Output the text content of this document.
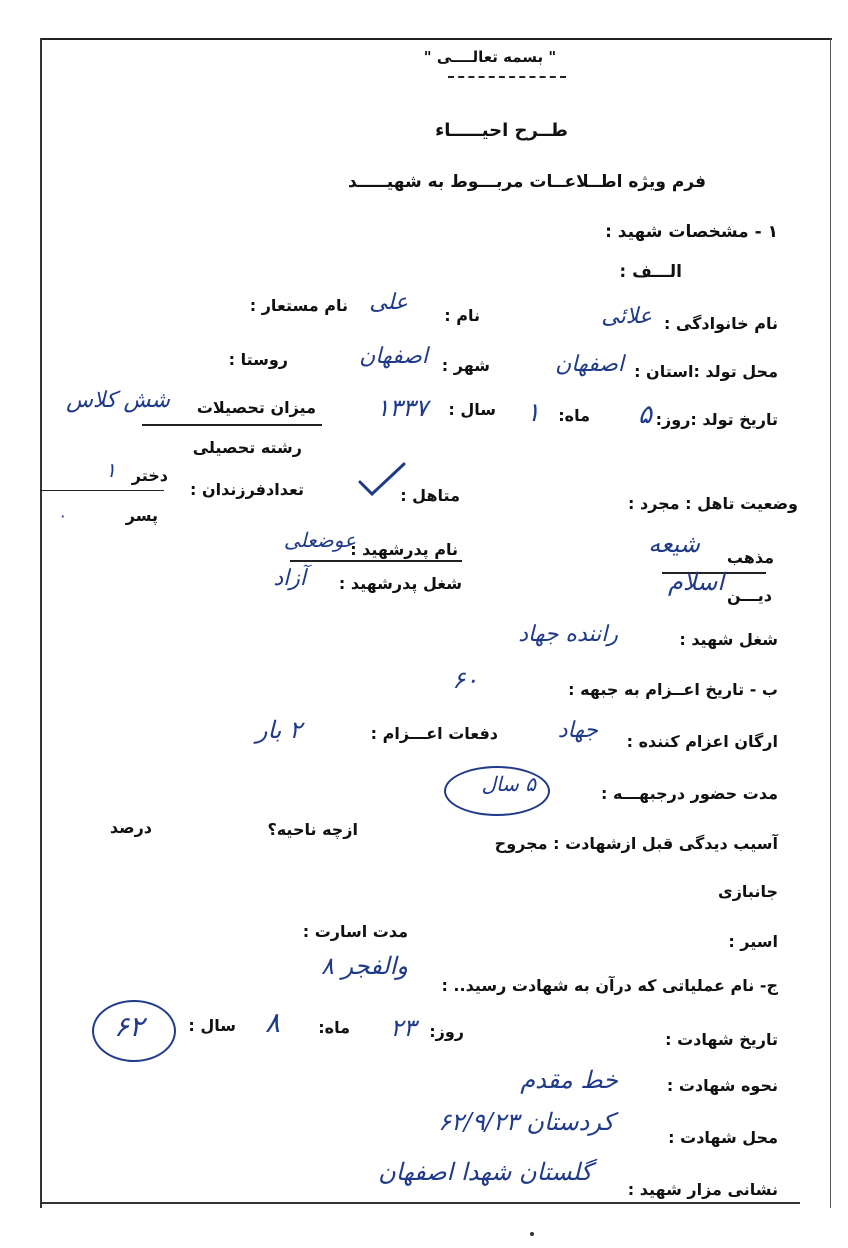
" بسمه تعالــــی "
طــرح احیـــــاء
فرم ویژه اطــلاعــات مربـــوط به شهیـــــد
۱ - مشخصات شهید :
الـــف :
نام خانوادگی :
علائی
نام :
علی
نام مستعار :
محل تولد :استان :
اصفهان
شهر :
اصفهان
روستا :
تاریخ تولد :روز:
۵
ماه:
۱
سال :
۱۳۳۷
میزان تحصیلات
شش کلاس
رشته تحصیلی
وضعیت تاهل : مجرد :
متاهل :
تعدادفرزندان :
دختر
۱
پسر
۰
عوضعلی
نام پدرشهید :
شغل پدرشهید :
آزاد
شیعه مذهب
دیـــن
اسلام
شغل شهید :
راننده جهاد
ب - تاریخ اعــزام به جبهه :
۶۰
ارگان اعزام کننده :
جهاد
دفعات اعـــزام :
۲ بار
مدت حضور درجبهـــه :
۵ سال
آسیب دیدگی قبل ازشهادت : مجروح
ازچه ناحیه؟
درصد
جانبازی
اسیر :
مدت اسارت :
ج- نام عملیاتی که درآن به شهادت رسید.. :
والفجر ۸
تاریخ شهادت :
روز:
۲۳
ماه:
۸
سال :
۶۲
نحوه شهادت :
خط مقدم
محل شهادت :
کردستان ۶۲/۹/۲۳
نشانی مزار شهید :
گلستان شهدا اصفهان
